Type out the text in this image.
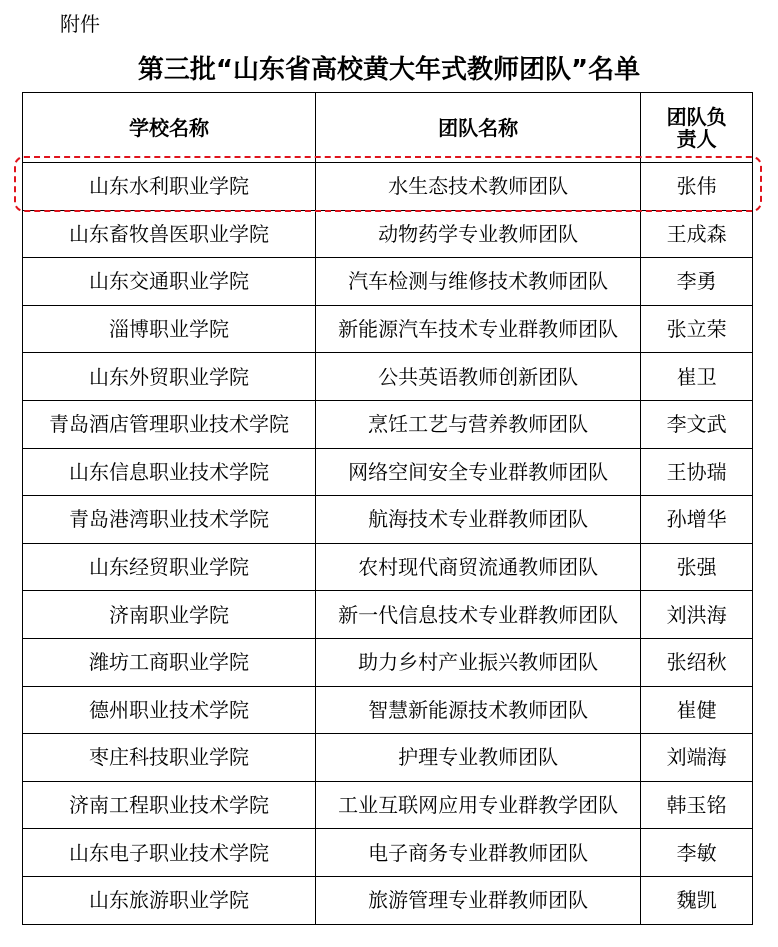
附件
第三批“山东省高校黄大年式教师团队”名单
学校名称	团队名称	团队负责人
山东水利职业学院	水生态技术教师团队	张伟
山东畜牧兽医职业学院	动物药学专业教师团队	王成森
山东交通职业学院	汽车检测与维修技术教师团队	李勇
淄博职业学院	新能源汽车技术专业群教师团队	张立荣
山东外贸职业学院	公共英语教师创新团队	崔卫
青岛酒店管理职业技术学院	烹饪工艺与营养教师团队	李文武
山东信息职业技术学院	网络空间安全专业群教师团队	王协瑞
青岛港湾职业技术学院	航海技术专业群教师团队	孙增华
山东经贸职业学院	农村现代商贸流通教师团队	张强
济南职业学院	新一代信息技术专业群教师团队	刘洪海
潍坊工商职业学院	助力乡村产业振兴教师团队	张绍秋
德州职业技术学院	智慧新能源技术教师团队	崔健
枣庄科技职业学院	护理专业教师团队	刘端海
济南工程职业技术学院	工业互联网应用专业群教学团队	韩玉铭
山东电子职业技术学院	电子商务专业群教师团队	李敏
山东旅游职业学院	旅游管理专业群教师团队	魏凯
